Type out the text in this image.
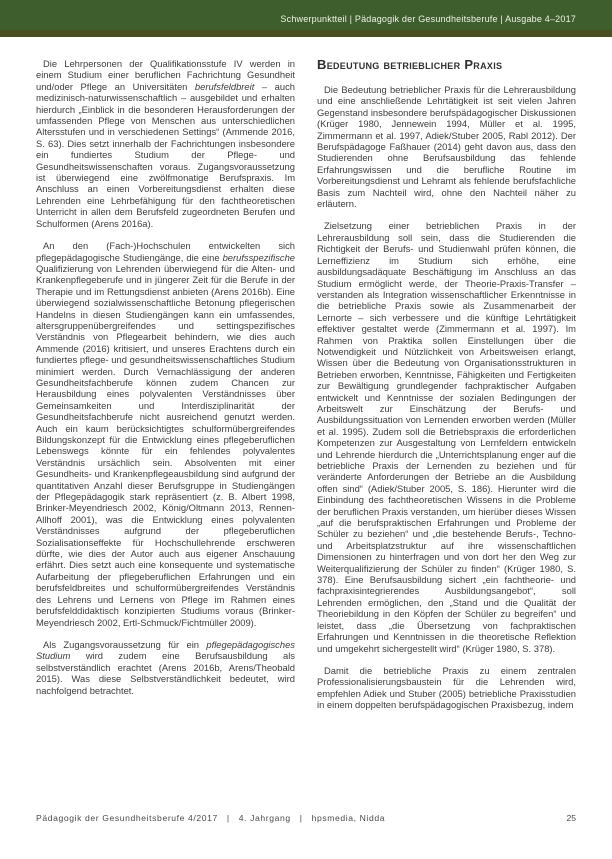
Schwerpunktteil | Pädagogik der Gesundheitsberufe | Ausgabe 4–2017

Die Lehrpersonen der Qualifikationsstufe IV werden in einem Studium einer beruflichen Fachrichtung Gesundheit und/oder Pflege an Universitäten berufsfeldbreit – auch medizinisch-naturwissenschaftlich – ausgebildet und erhalten hierdurch „Einblick in die besonderen Herausforderungen der umfassenden Pflege von Menschen aus unterschiedlichen Altersstufen und in verschiedenen Settings“ (Ammende 2016, S. 63). Dies setzt innerhalb der Fachrichtungen insbesondere ein fundiertes Studium der Pflege- und Gesundheitswissenschaften voraus. Zugangsvoraussetzung ist überwiegend eine zwölfmonatige Berufspraxis. Im Anschluss an einen Vorbereitungsdienst erhalten diese Lehrenden eine Lehrbefähigung für den fachtheoretischen Unterricht in allen dem Berufsfeld zugeordneten Berufen und Schulformen (Arens 2016a).

An den (Fach-)Hochschulen entwickelten sich pflegepädagogische Studiengänge, die eine berufsspezifische Qualifizierung von Lehrenden überwiegend für die Alten- und Krankenpflegeberufe und in jüngerer Zeit für die Berufe in der Therapie und im Rettungsdienst anbieten (Arens 2016b). Eine überwiegend sozialwissenschaftliche Betonung pflegerischen Handelns in diesen Studiengängen kann ein umfassendes, altersgruppenübergreifendes und settingspezifisches Verständnis von Pflegearbeit behindern, wie dies auch Ammende (2016) kritisiert, und unseres Erachtens durch ein fundiertes pflege- und gesundheitswissenschaftliches Studium minimiert werden. Durch Vernachlässigung der anderen Gesundheitsfachberufe können zudem Chancen zur Herausbildung eines polyvalenten Verständnisses über Gemeinsamkeiten und Interdisziplinarität der Gesundheitsfachberufe nicht ausreichend genutzt werden. Auch ein kaum berücksichtigtes schulformübergreifendes Bildungskonzept für die Entwicklung eines pflegeberuflichen Lebenswegs könnte für ein fehlendes polyvalentes Verständnis ursächlich sein. Absolventen mit einer Gesundheits- und Krankenpflegeausbildung sind aufgrund der quantitativen Anzahl dieser Berufsgruppe in Studiengängen der Pflegepädagogik stark repräsentiert (z. B. Albert 1998, Brinker-Meyendriesch 2002, König/Oltmann 2013, Rennen-Allhoff 2001), was die Entwicklung eines polyvalenten Verständnisses aufgrund der pflegeberuflichen Sozialisationseffekte für Hochschullehrende erschweren dürfte, wie dies der Autor auch aus eigener Anschauung erfährt. Dies setzt auch eine konsequente und systematische Aufarbeitung der pflegeberuflichen Erfahrungen und ein berufsfeldbreites und schulformübergreifendes Verständnis des Lehrens und Lernens von Pflege im Rahmen eines berufsfelddidaktisch konzipierten Studiums voraus (Brinker-Meyendriesch 2002, Ertl-Schmuck/Fichtmüller 2009).

Als Zugangsvoraussetzung für ein pflegepädagogisches Studium wird zudem eine Berufsausbildung als selbstverständlich erachtet (Arens 2016b, Arens/Theobald 2015). Was diese Selbstverständlichkeit bedeutet, wird nachfolgend betrachtet.

Bedeutung betrieblicher Praxis

Die Bedeutung betrieblicher Praxis für die Lehrerausbildung und eine anschließende Lehrtätigkeit ist seit vielen Jahren Gegenstand insbesondere berufspädagogischer Diskussionen (Krüger 1980, Jennewein 1994, Müller et al. 1995, Zimmermann et al. 1997, Adiek/Stuber 2005, Rabl 2012). Der Berufspädagoge Faßhauer (2014) geht davon aus, dass den Studierenden ohne Berufsausbildung das fehlende Erfahrungswissen und die berufliche Routine im Vorbereitungsdienst und Lehramt als fehlende berufsfachliche Basis zum Nachteil wird, ohne den Nachteil näher zu erläutern.

Zielsetzung einer betrieblichen Praxis in der Lehrerausbildung soll sein, dass die Studierenden die Richtigkeit der Berufs- und Studienwahl prüfen können, die Lerneffizienz im Studium sich erhöhe, eine ausbildungsadäquate Beschäftigung im Anschluss an das Studium ermöglicht werde, der Theorie-Praxis-Transfer – verstanden als Integration wissenschaftlicher Erkenntnisse in die betriebliche Praxis sowie als Zusammenarbeit der Lernorte – sich verbessere und die künftige Lehrtätigkeit effektiver gestaltet werde (Zimmermann et al. 1997). Im Rahmen von Praktika sollen Einstellungen über die Notwendigkeit und Nützlichkeit von Arbeitsweisen erlangt, Wissen über die Bedeutung von Organisationsstrukturen in Betrieben erworben, Kenntnisse, Fähigkeiten und Fertigkeiten zur Bewältigung grundlegender fachpraktischer Aufgaben entwickelt und Kenntnisse der sozialen Bedingungen der Arbeitswelt zur Einschätzung der Berufs- und Ausbildungssituation von Lernenden erworben werden (Müller et al. 1995). Zudem soll die Betriebspraxis die erforderlichen Kompetenzen zur Ausgestaltung von Lernfeldern entwickeln und Lehrende hierdurch die „Unterrichtsplanung enger auf die betriebliche Praxis der Lernenden zu beziehen und für veränderte Anforderungen der Betriebe an die Ausbildung offen sind“ (Adiek/Stuber 2005, S. 186). Hierunter wird die Einbindung des fachtheoretischen Wissens in die Probleme der beruflichen Praxis verstanden, um hierüber dieses Wissen „auf die berufspraktischen Erfahrungen und Probleme der Schüler zu beziehen“ und „die bestehende Berufs-, Techno- und Arbeitsplatzstruktur auf ihre wissenschaftlichen Dimensionen zu hinterfragen und von dort her den Weg zur Weiterqualifizierung der Schüler zu finden“ (Krüger 1980, S. 378). Eine Berufsausbildung sichert „ein fachtheorie- und fachpraxisintegrierendes Ausbildungsangebot“, soll Lehrenden ermöglichen, den „Stand und die Qualität der Theoriebildung in den Köpfen der Schüler zu begreifen“ und leistet, dass „die Übersetzung von fachpraktischen Erfahrungen und Kenntnissen in die theoretische Reflektion und umgekehrt sichergestellt wird“ (Krüger 1980, S. 378).

Damit die betriebliche Praxis zu einem zentralen Professionalisierungsbaustein für die Lehrenden wird, empfehlen Adiek und Stuber (2005) betriebliche Praxisstudien in einem doppelten berufspädagogischen Praxisbezug, indem

Pädagogik der Gesundheitsberufe 4/2017 | 4. Jahrgang | hpsmedia, Nidda	25
